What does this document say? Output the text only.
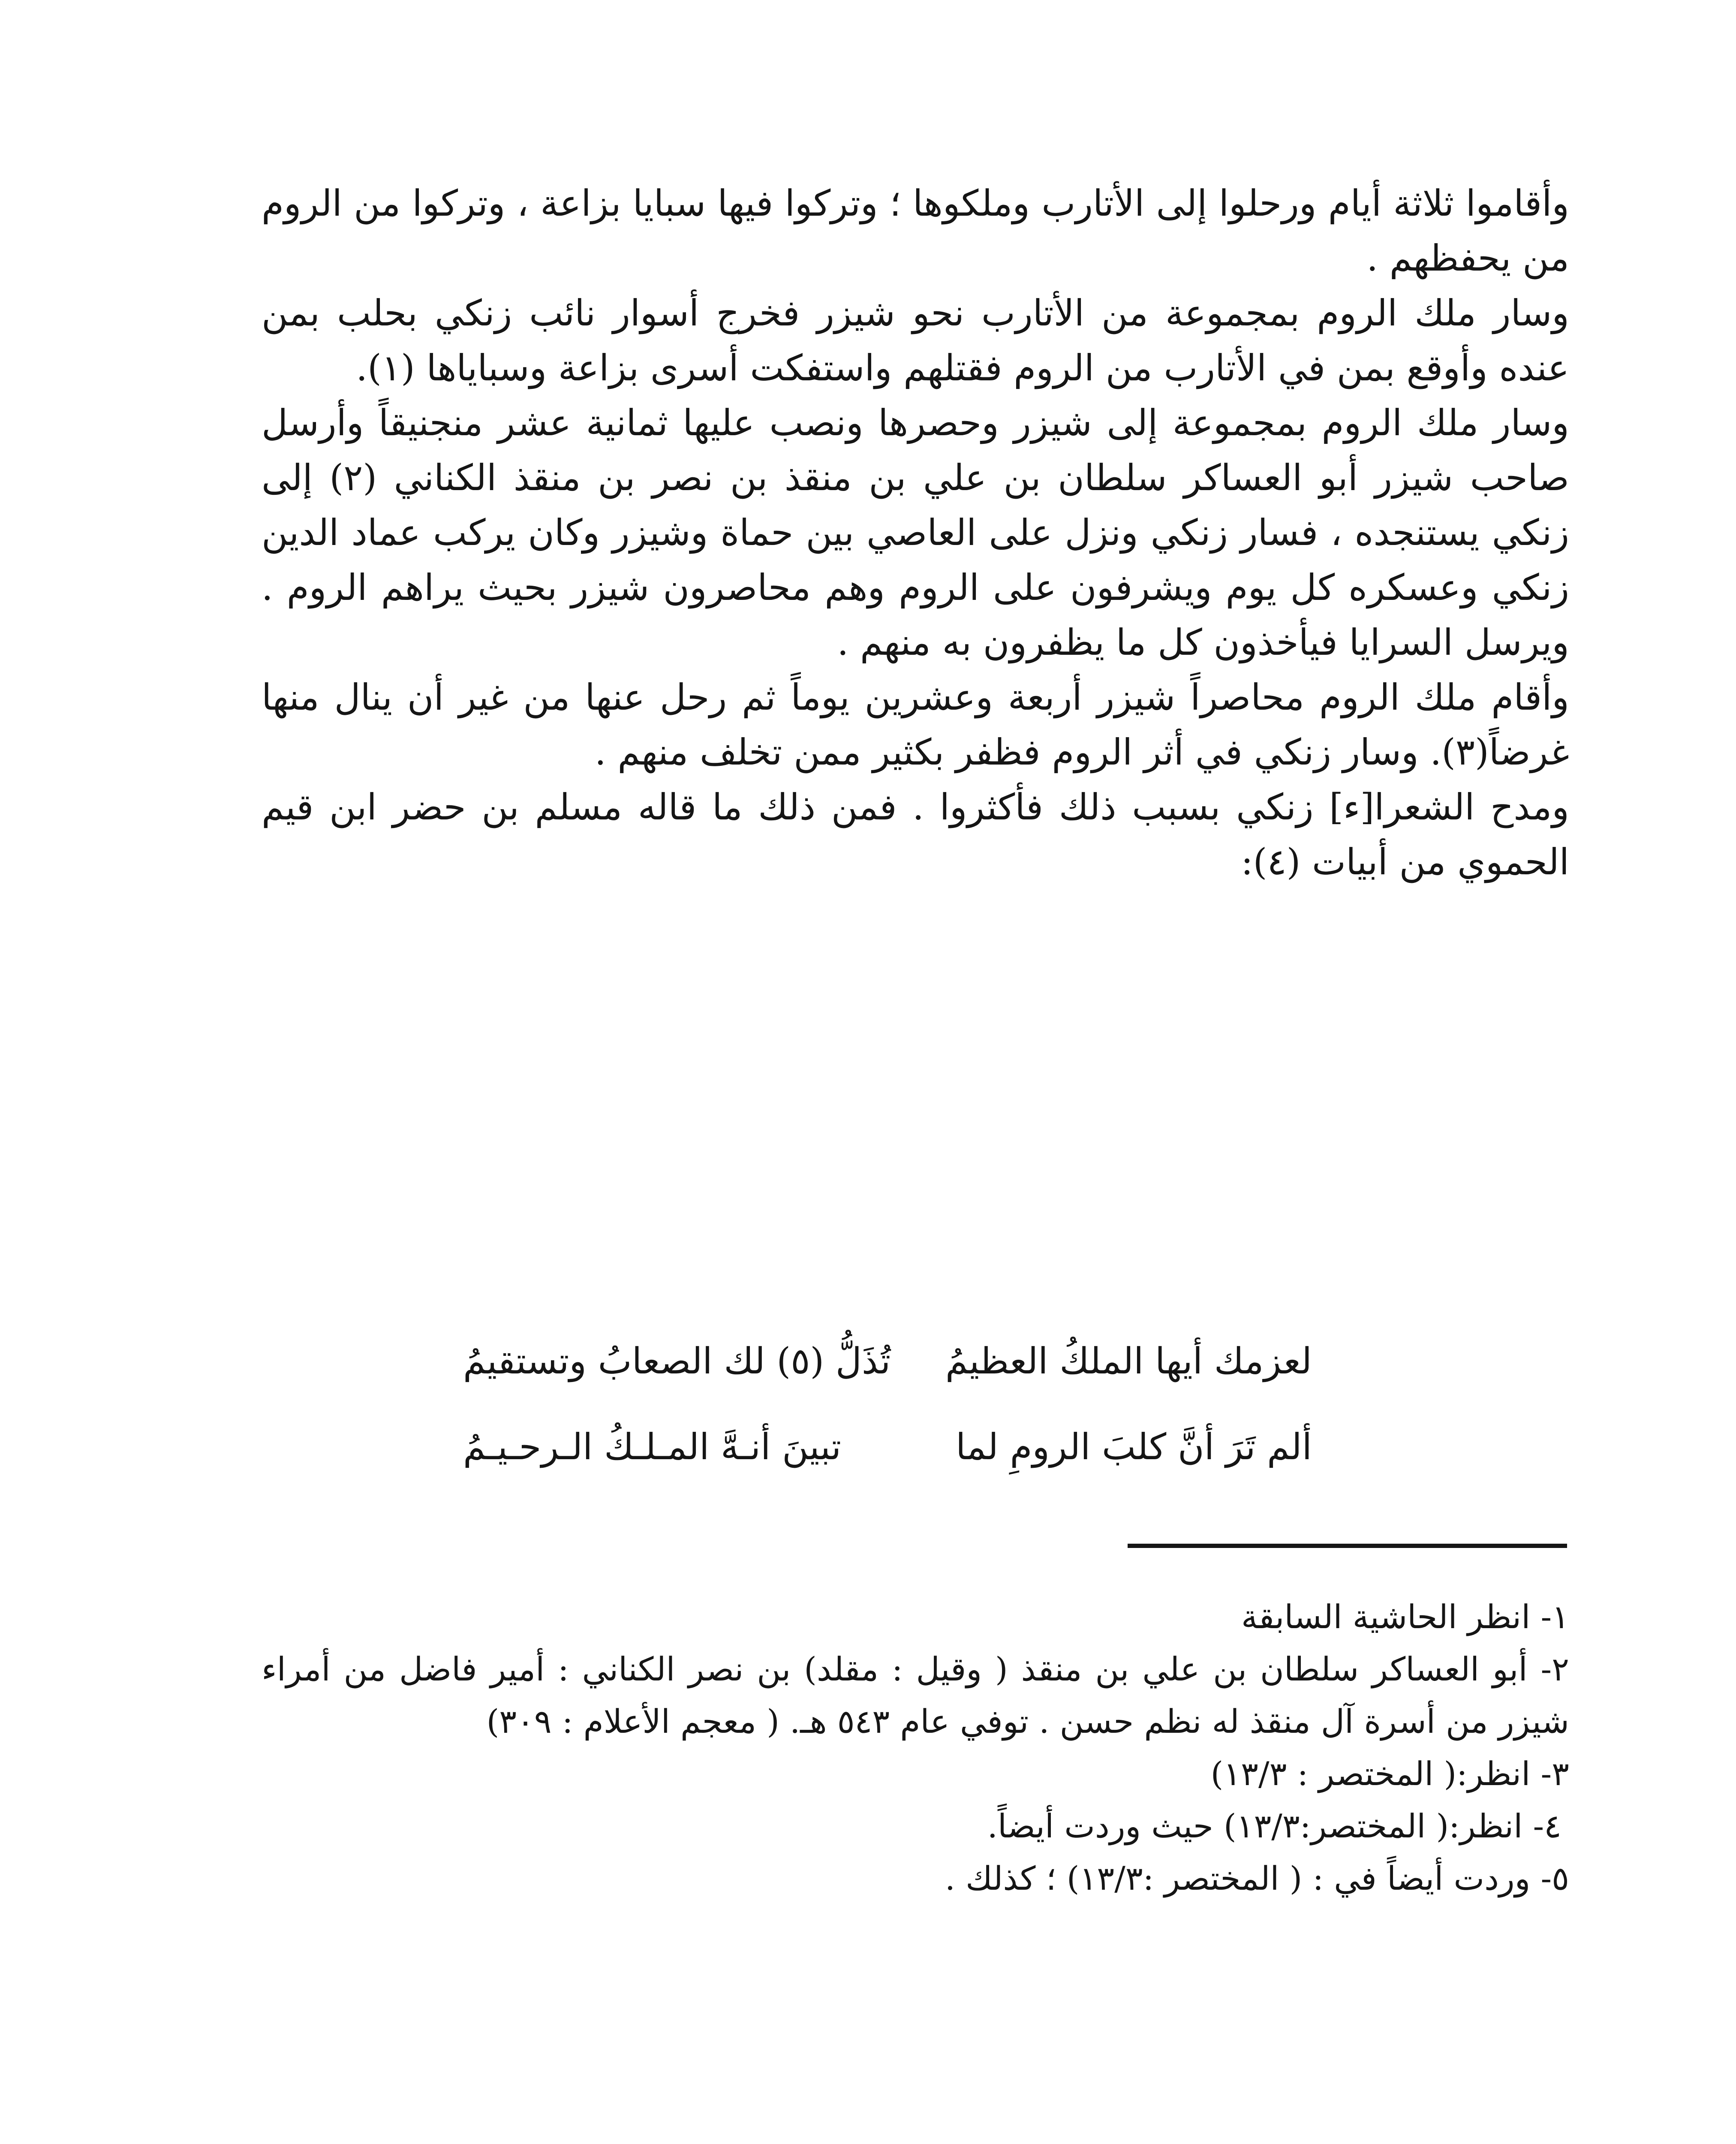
وأقاموا ثلاثة أيام ورحلوا إلى الأتارب وملكوها ؛ وتركوا فيها سبايا بزاعة ، وتركوا من الروم من يحفظهم .

وسار ملك الروم بمجموعة من الأتارب نحو شيزر فخرج أسوار نائب زنكي بحلب بمن عنده وأوقع بمن في الأتارب من الروم فقتلهم واستفكت أسرى بزاعة وسباياها (١).

وسار ملك الروم بمجموعة إلى شيزر وحصرها ونصب عليها ثمانية عشر منجنيقاً وأرسل صاحب شيزر أبو العساكر سلطان بن علي بن منقذ بن نصر بن منقذ الكناني (٢) إلى زنكي يستنجده ، فسار زنكي ونزل على العاصي بين حماة وشيزر وكان يركب عماد الدين زنكي وعسكره كل يوم ويشرفون على الروم وهم محاصرون شيزر بحيث يراهم الروم . ويرسل السرايا فيأخذون كل ما يظفرون به منهم .

وأقام ملك الروم محاصراً شيزر أربعة وعشرين يوماً ثم رحل عنها من غير أن ينال منها غرضاً(٣). وسار زنكي في أثر الروم فظفر بكثير ممن تخلف منهم .

ومدح الشعرا[ء] زنكي بسبب ذلك فأكثروا . فمن ذلك ما قاله مسلم بن حضر ابن قيم الحموي من أبيات (٤):

لعزمك أيها الملكُ العظيمُ
تُذَلُّ (٥) لك الصعابُ وتستقيمُ
ألم تَرَ أنَّ كلبَ الرومِ لما
تبينَ أنـهَّ المـلـكُ الـرحـيـمُ

١- انظر الحاشية السابقة

٢- أبو العساكر سلطان بن علي بن منقذ ( وقيل : مقلد) بن نصر الكناني : أمير فاضل من أمراء شيزر من أسرة آل منقذ له نظم حسن . توفي عام ٥٤٣ هـ. ( معجم الأعلام : ٣٠٩)

٣- انظر:( المختصر : ١٣/٣)

٤- انظر:( المختصر:١٣/٣) حيث وردت أيضاً.

٥- وردت أيضاً في : ( المختصر :١٣/٣) ؛ كذلك .
